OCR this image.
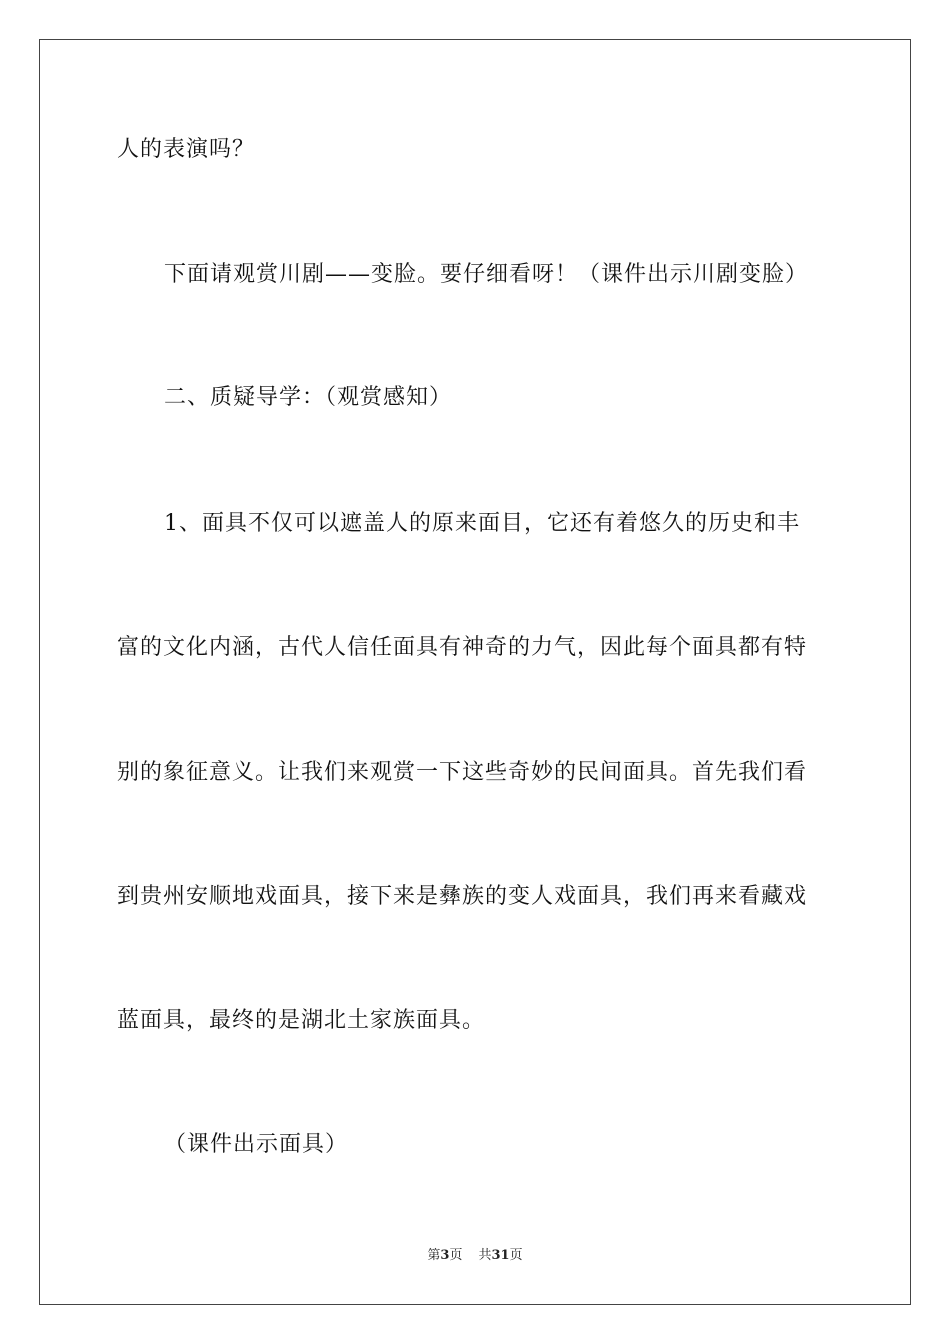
人的表演吗？
下面请观赏川剧——变脸。要仔细看呀！（课件出示川剧变脸）
二、质疑导学：（观赏感知）
1、面具不仅可以遮盖人的原来面目，它还有着悠久的历史和丰
富的文化内涵，古代人信任面具有神奇的力气，因此每个面具都有特
别的象征意义。让我们来观赏一下这些奇妙的民间面具。首先我们看
到贵州安顺地戏面具，接下来是彝族的变人戏面具，我们再来看藏戏
蓝面具，最终的是湖北土家族面具。
（课件出示面具）
第3页 共31页
